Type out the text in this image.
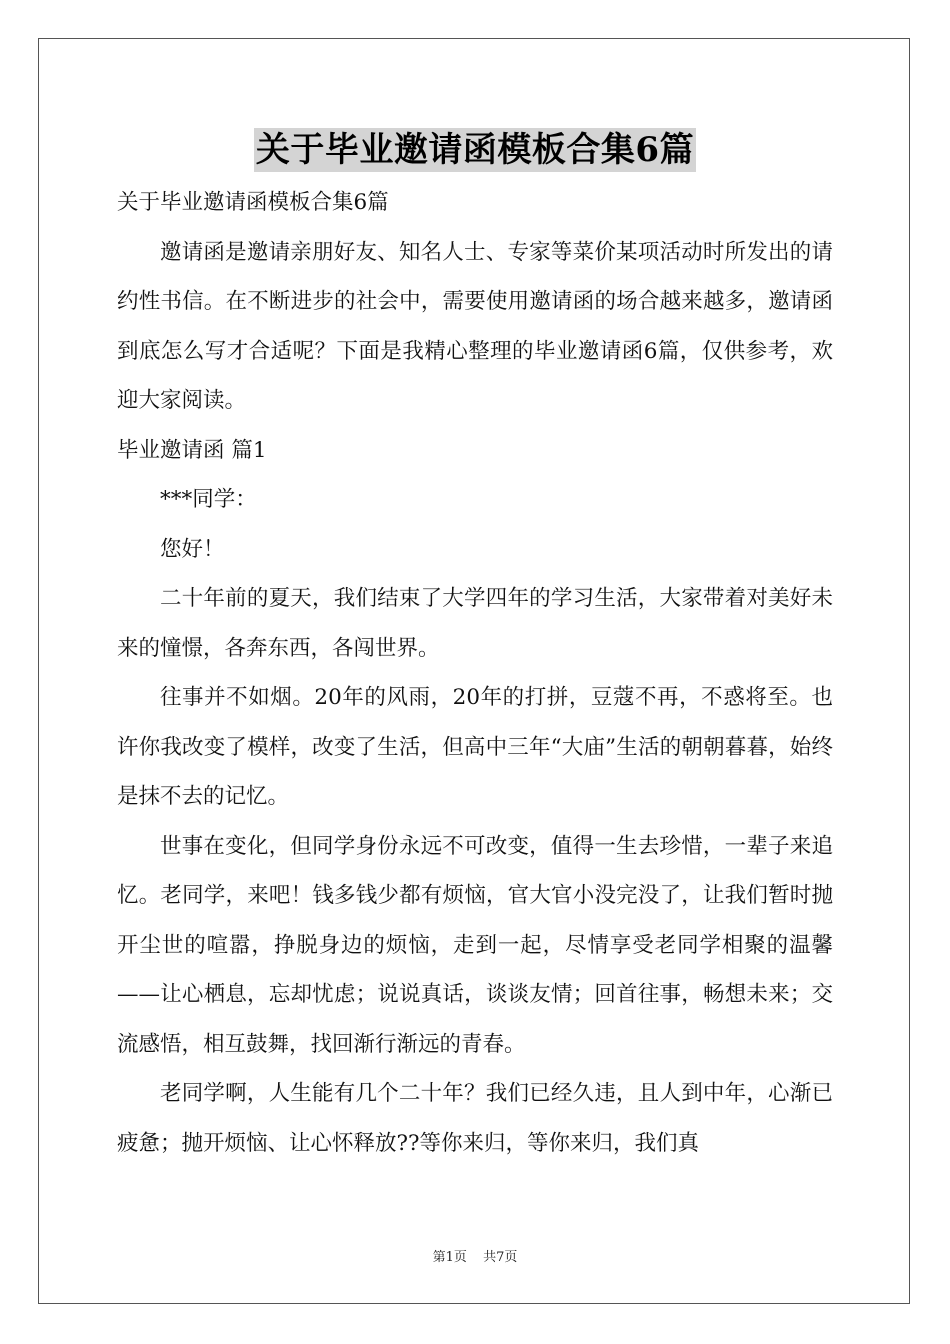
关于毕业邀请函模板合集6篇

关于毕业邀请函模板合集6篇

邀请函是邀请亲朋好友、知名人士、专家等菜价某项活动时所发出的请约性书信。在不断进步的社会中，需要使用邀请函的场合越来越多，邀请函到底怎么写才合适呢？下面是我精心整理的毕业邀请函6篇，仅供参考，欢迎大家阅读。

毕业邀请函 篇1

***同学：

您好！

二十年前的夏天，我们结束了大学四年的学习生活，大家带着对美好未来的憧憬，各奔东西，各闯世界。

往事并不如烟。20年的风雨，20年的打拼，豆蔻不再，不惑将至。也许你我改变了模样，改变了生活，但高中三年“大庙”生活的朝朝暮暮，始终是抹不去的记忆。

世事在变化，但同学身份永远不可改变，值得一生去珍惜，一辈子来追忆。老同学，来吧！钱多钱少都有烦恼，官大官小没完没了，让我们暂时抛开尘世的喧嚣，挣脱身边的烦恼，走到一起，尽情享受老同学相聚的温馨——让心栖息，忘却忧虑；说说真话，谈谈友情；回首往事，畅想未来；交流感悟，相互鼓舞，找回渐行渐远的青春。

老同学啊，人生能有几个二十年？我们已经久违，且人到中年，心渐已疲惫；抛开烦恼、让心怀释放??等你来归，等你来归，我们真

第1页 共7页
